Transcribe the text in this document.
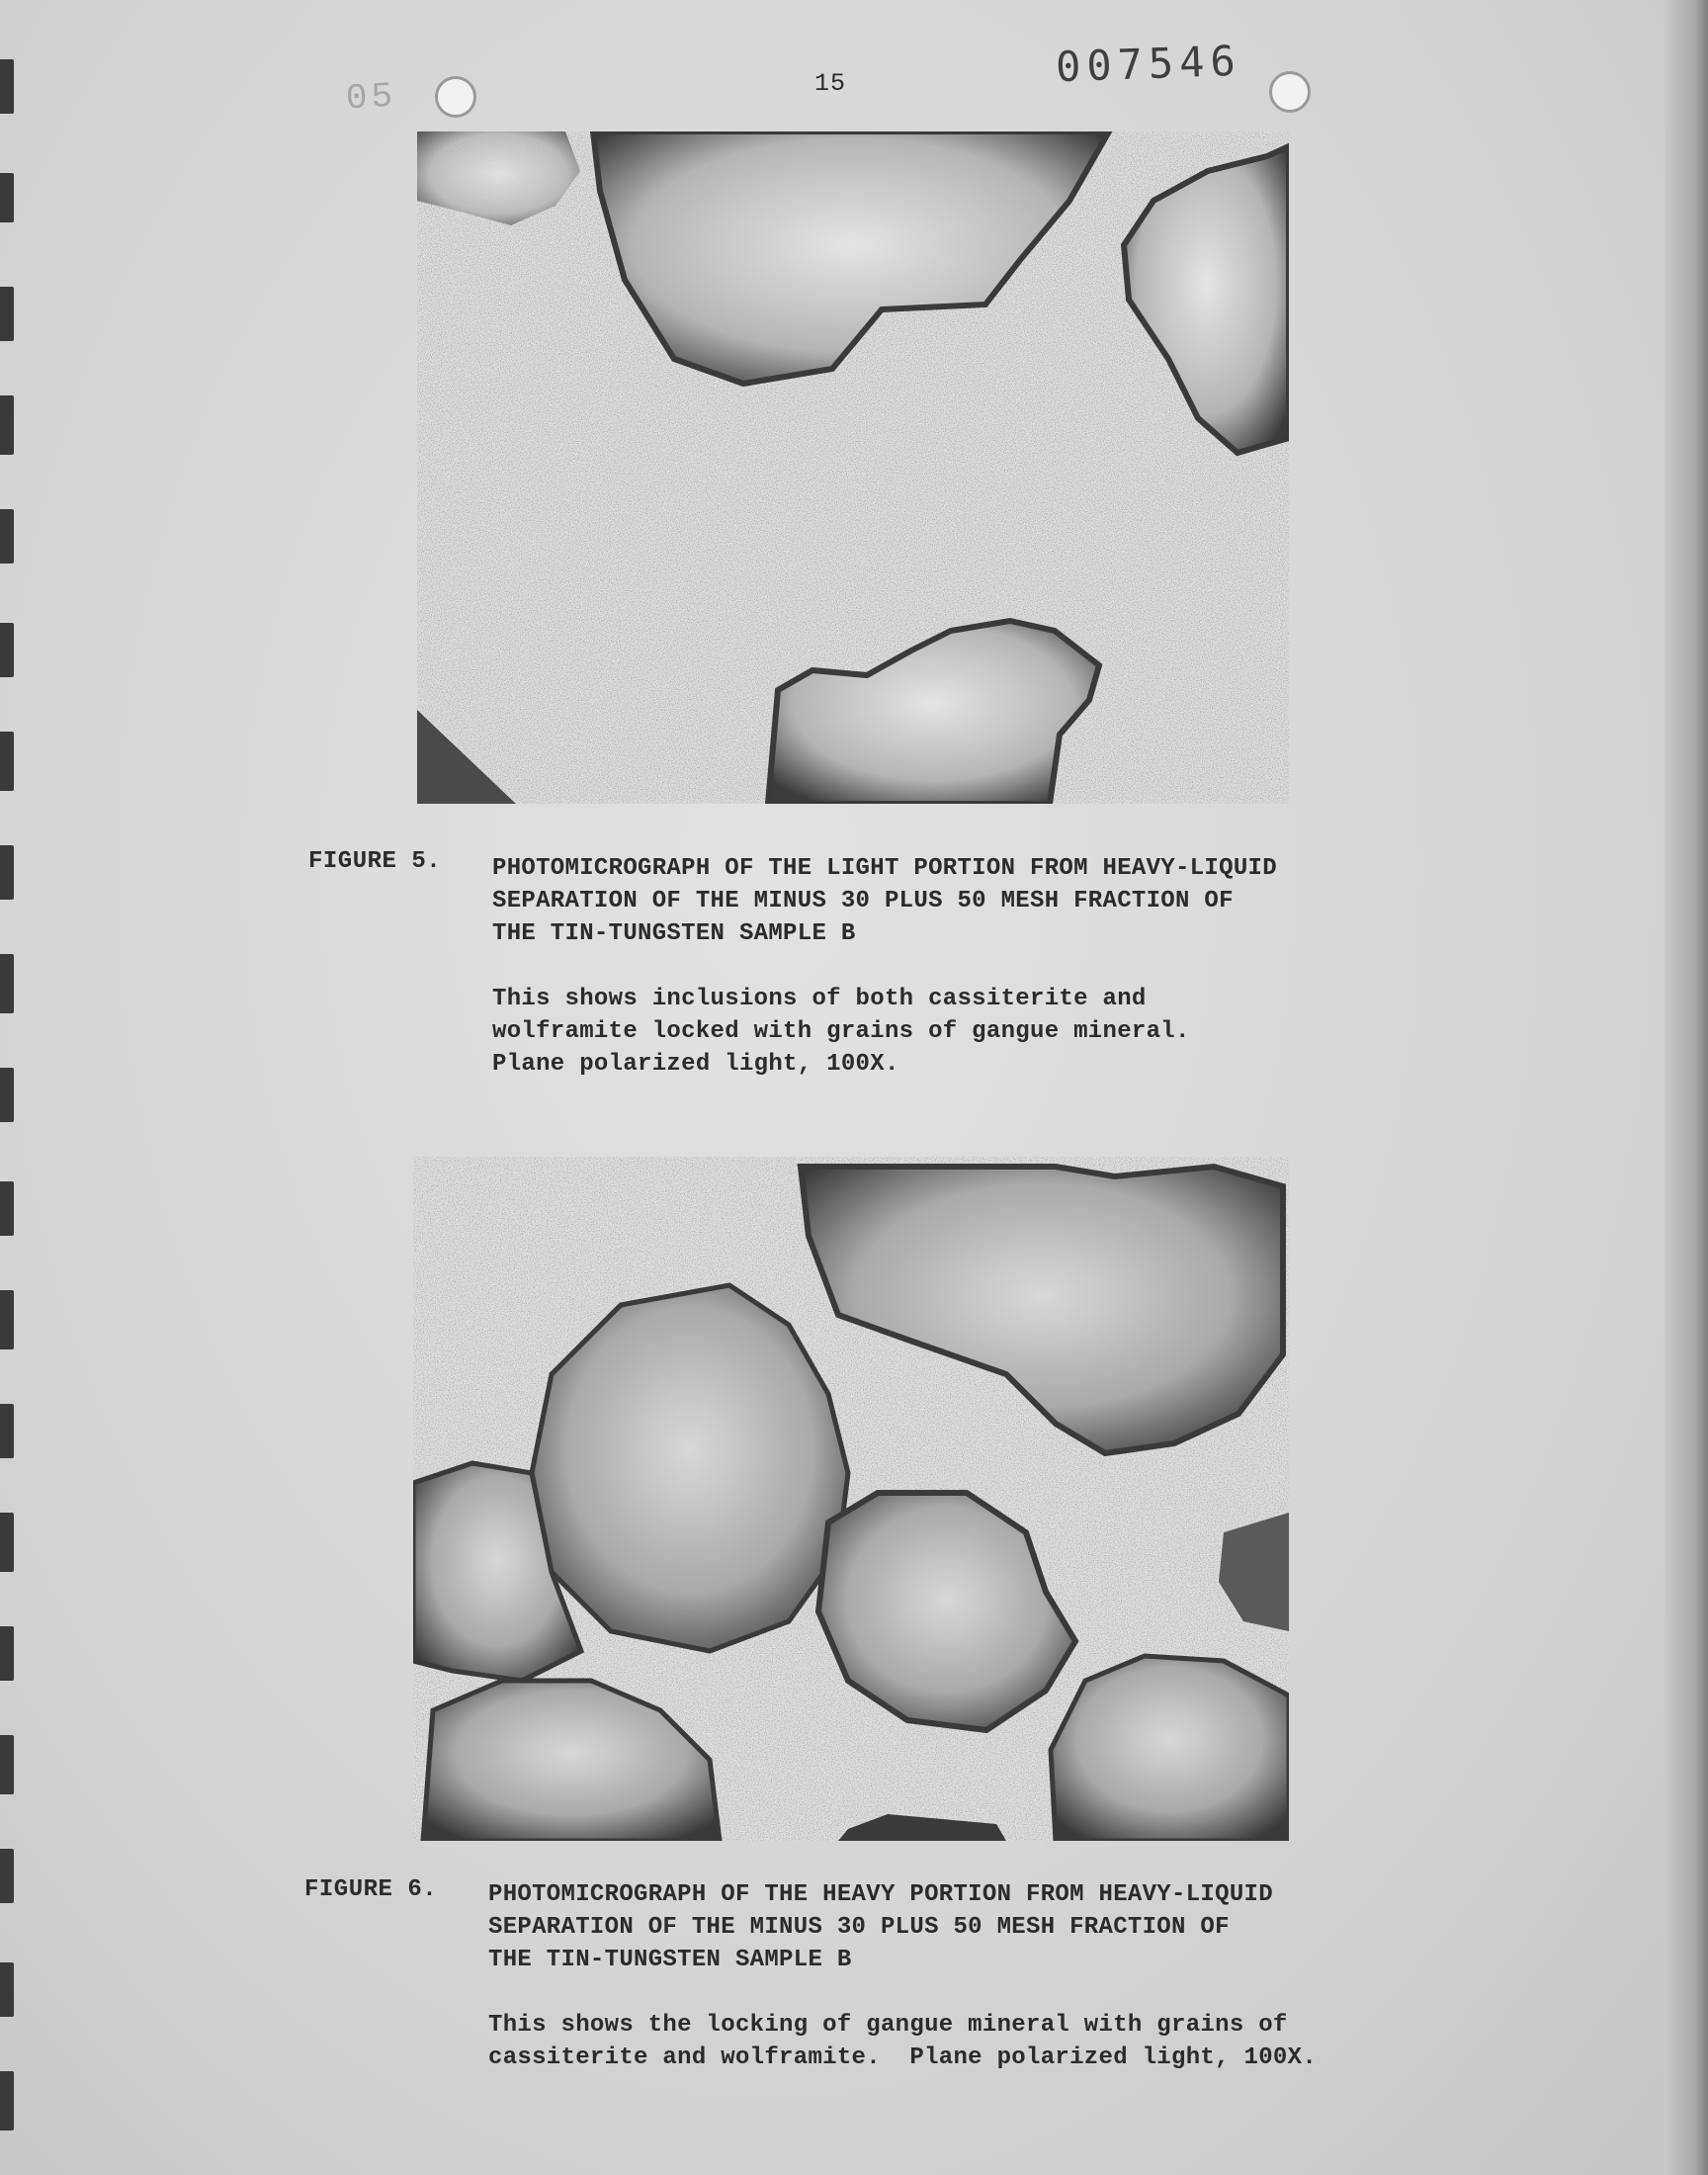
05
007546
15
FIGURE 5. PHOTOMICROGRAPH OF THE LIGHT PORTION FROM HEAVY-LIQUID
SEPARATION OF THE MINUS 30 PLUS 50 MESH FRACTION OF
THE TIN-TUNGSTEN SAMPLE B
This shows inclusions of both cassiterite and
wolframite locked with grains of gangue mineral.
Plane polarized light, 100X.
FIGURE 6. PHOTOMICROGRAPH OF THE HEAVY PORTION FROM HEAVY-LIQUID
SEPARATION OF THE MINUS 30 PLUS 50 MESH FRACTION OF
THE TIN-TUNGSTEN SAMPLE B
This shows the locking of gangue mineral with grains of
cassiterite and wolframite.  Plane polarized light, 100X.
